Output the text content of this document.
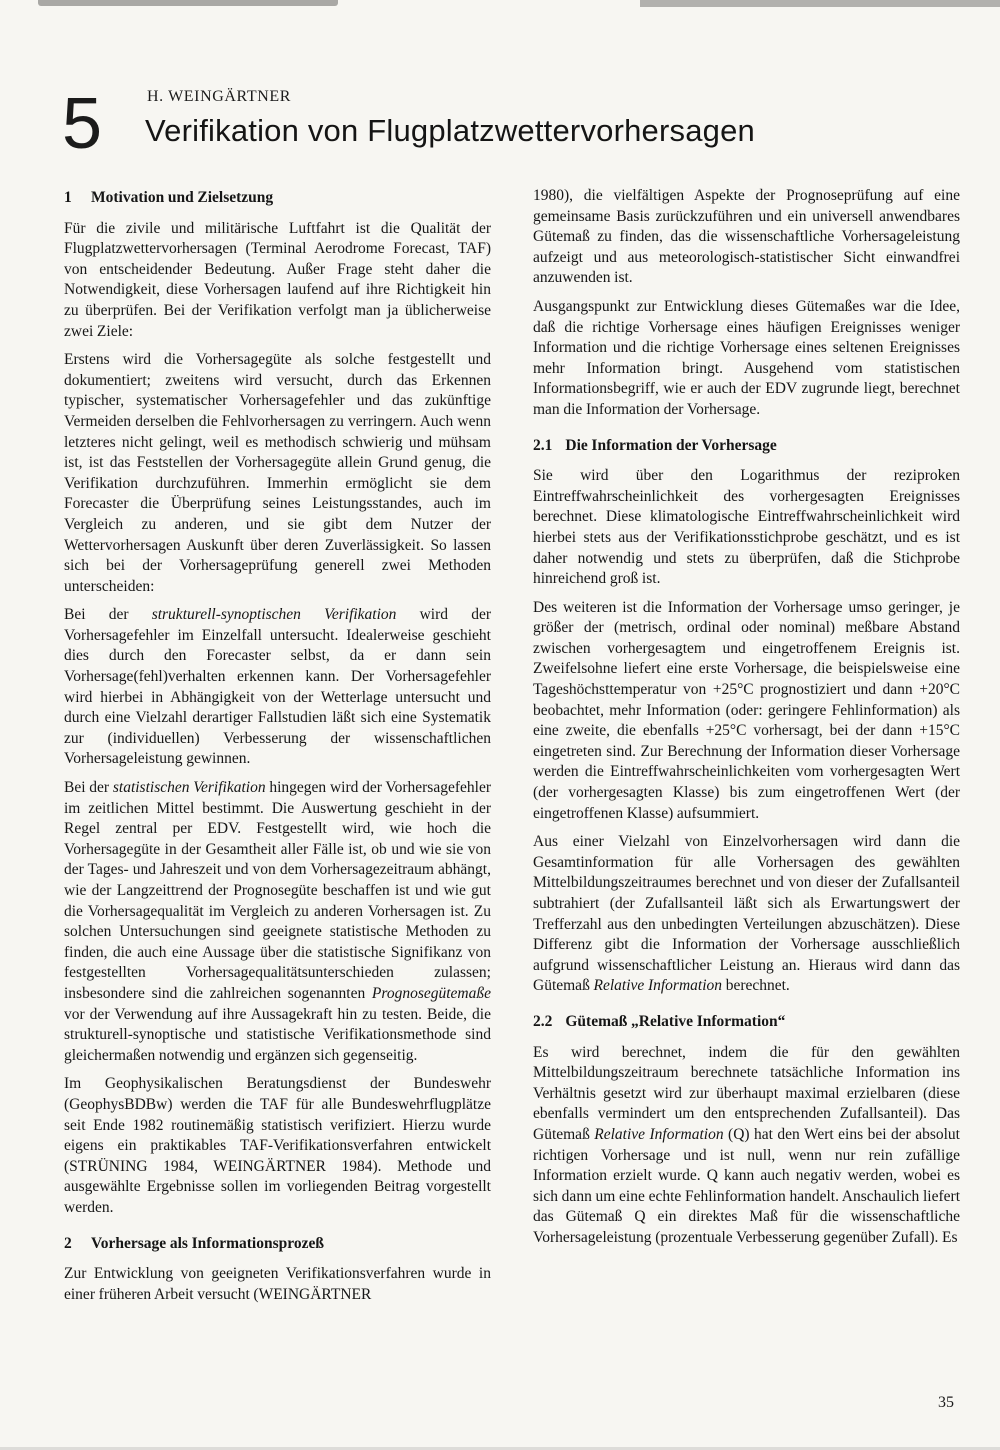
5	H. WEINGÄRTNER
Verifikation von Flugplatzwettervorhersagen
1 Motivation und Zielsetzung

Für die zivile und militärische Luftfahrt ist die Qualität der Flugplatzwettervorhersagen (Terminal Aerodrome Forecast, TAF) von entscheidender Bedeutung. Außer Frage steht daher die Notwendigkeit, diese Vorhersagen laufend auf ihre Richtigkeit hin zu überprüfen. Bei der Verifikation verfolgt man ja üblicherweise zwei Ziele:

Erstens wird die Vorhersagegüte als solche festgestellt und dokumentiert; zweitens wird versucht, durch das Erkennen typischer, systematischer Vorhersagefehler und das zukünftige Vermeiden derselben die Fehlvorhersagen zu verringern. Auch wenn letzteres nicht gelingt, weil es methodisch schwierig und mühsam ist, ist das Feststellen der Vorhersagegüte allein Grund genug, die Verifikation durchzuführen. Immerhin ermöglicht sie dem Forecaster die Überprüfung seines Leistungsstandes, auch im Vergleich zu anderen, und sie gibt dem Nutzer der Wettervorhersagen Auskunft über deren Zuverlässigkeit. So lassen sich bei der Vorhersageprüfung generell zwei Methoden unterscheiden:

Bei der strukturell-synoptischen Verifikation wird der Vorhersagefehler im Einzelfall untersucht. Idealerweise geschieht dies durch den Forecaster selbst, da er dann sein Vorhersage(fehl)verhalten erkennen kann. Der Vorhersagefehler wird hierbei in Abhängigkeit von der Wetterlage untersucht und durch eine Vielzahl derartiger Fallstudien läßt sich eine Systematik zur (individuellen) Verbesserung der wissenschaftlichen Vorhersageleistung gewinnen.

Bei der statistischen Verifikation hingegen wird der Vorhersagefehler im zeitlichen Mittel bestimmt. Die Auswertung geschieht in der Regel zentral per EDV. Festgestellt wird, wie hoch die Vorhersagegüte in der Gesamtheit aller Fälle ist, ob und wie sie von der Tages- und Jahreszeit und von dem Vorhersagezeitraum abhängt, wie der Langzeittrend der Prognosegüte beschaffen ist und wie gut die Vorhersagequalität im Vergleich zu anderen Vorhersagen ist. Zu solchen Untersuchungen sind geeignete statistische Methoden zu finden, die auch eine Aussage über die statistische Signifikanz von festgestellten Vorhersagequalitätsunterschieden zulassen; insbesondere sind die zahlreichen sogenannten Prognosegütemaße vor der Verwendung auf ihre Aussagekraft hin zu testen. Beide, die strukturell-synoptische und statistische Verifikationsmethode sind gleichermaßen notwendig und ergänzen sich gegenseitig.

Im Geophysikalischen Beratungsdienst der Bundeswehr (GeophysBDBw) werden die TAF für alle Bundeswehrflugplätze seit Ende 1982 routinemäßig statistisch verifiziert. Hierzu wurde eigens ein praktikables TAF-Verifikationsverfahren entwickelt (STRÜNING 1984, WEINGÄRTNER 1984). Methode und ausgewählte Ergebnisse sollen im vorliegenden Beitrag vorgestellt werden.

2 Vorhersage als Informationsprozeß

Zur Entwicklung von geeigneten Verifikationsverfahren wurde in einer früheren Arbeit versucht (WEINGÄRTNER

1980), die vielfältigen Aspekte der Prognoseprüfung auf eine gemeinsame Basis zurückzuführen und ein universell anwendbares Gütemaß zu finden, das die wissenschaftliche Vorhersageleistung aufzeigt und aus meteorologisch-statistischer Sicht einwandfrei anzuwenden ist.

Ausgangspunkt zur Entwicklung dieses Gütemaßes war die Idee, daß die richtige Vorhersage eines häufigen Ereignisses weniger Information und die richtige Vorhersage eines seltenen Ereignisses mehr Information bringt. Ausgehend vom statistischen Informationsbegriff, wie er auch der EDV zugrunde liegt, berechnet man die Information der Vorhersage.

2.1 Die Information der Vorhersage

Sie wird über den Logarithmus der reziproken Eintreffwahrscheinlichkeit des vorhergesagten Ereignisses berechnet. Diese klimatologische Eintreffwahrscheinlichkeit wird hierbei stets aus der Verifikationsstichprobe geschätzt, und es ist daher notwendig und stets zu überprüfen, daß die Stichprobe hinreichend groß ist.

Des weiteren ist die Information der Vorhersage umso geringer, je größer der (metrisch, ordinal oder nominal) meßbare Abstand zwischen vorhergesagtem und eingetroffenem Ereignis ist. Zweifelsohne liefert eine erste Vorhersage, die beispielsweise eine Tageshöchsttemperatur von +25°C prognostiziert und dann +20°C beobachtet, mehr Information (oder: geringere Fehlinformation) als eine zweite, die ebenfalls +25°C vorhersagt, bei der dann +15°C eingetreten sind. Zur Berechnung der Information dieser Vorhersage werden die Eintreffwahrscheinlichkeiten vom vorhergesagten Wert (der vorhergesagten Klasse) bis zum eingetroffenen Wert (der eingetroffenen Klasse) aufsummiert.

Aus einer Vielzahl von Einzelvorhersagen wird dann die Gesamtinformation für alle Vorhersagen des gewählten Mittelbildungszeitraumes berechnet und von dieser der Zufallsanteil subtrahiert (der Zufallsanteil läßt sich als Erwartungswert der Trefferzahl aus den unbedingten Verteilungen abzuschätzen). Diese Differenz gibt die Information der Vorhersage ausschließlich aufgrund wissenschaftlicher Leistung an. Hieraus wird dann das Gütemaß Relative Information berechnet.

2.2 Gütemaß „Relative Information“

Es wird berechnet, indem die für den gewählten Mittelbildungszeitraum berechnete tatsächliche Information ins Verhältnis gesetzt wird zur überhaupt maximal erzielbaren (diese ebenfalls vermindert um den entsprechenden Zufallsanteil). Das Gütemaß Relative Information (Q) hat den Wert eins bei der absolut richtigen Vorhersage und ist null, wenn nur rein zufällige Information erzielt wurde. Q kann auch negativ werden, wobei es sich dann um eine echte Fehlinformation handelt. Anschaulich liefert das Gütemaß Q ein direktes Maß für die wissenschaftliche Vorhersageleistung (prozentuale Verbesserung gegenüber Zufall). Es

35
